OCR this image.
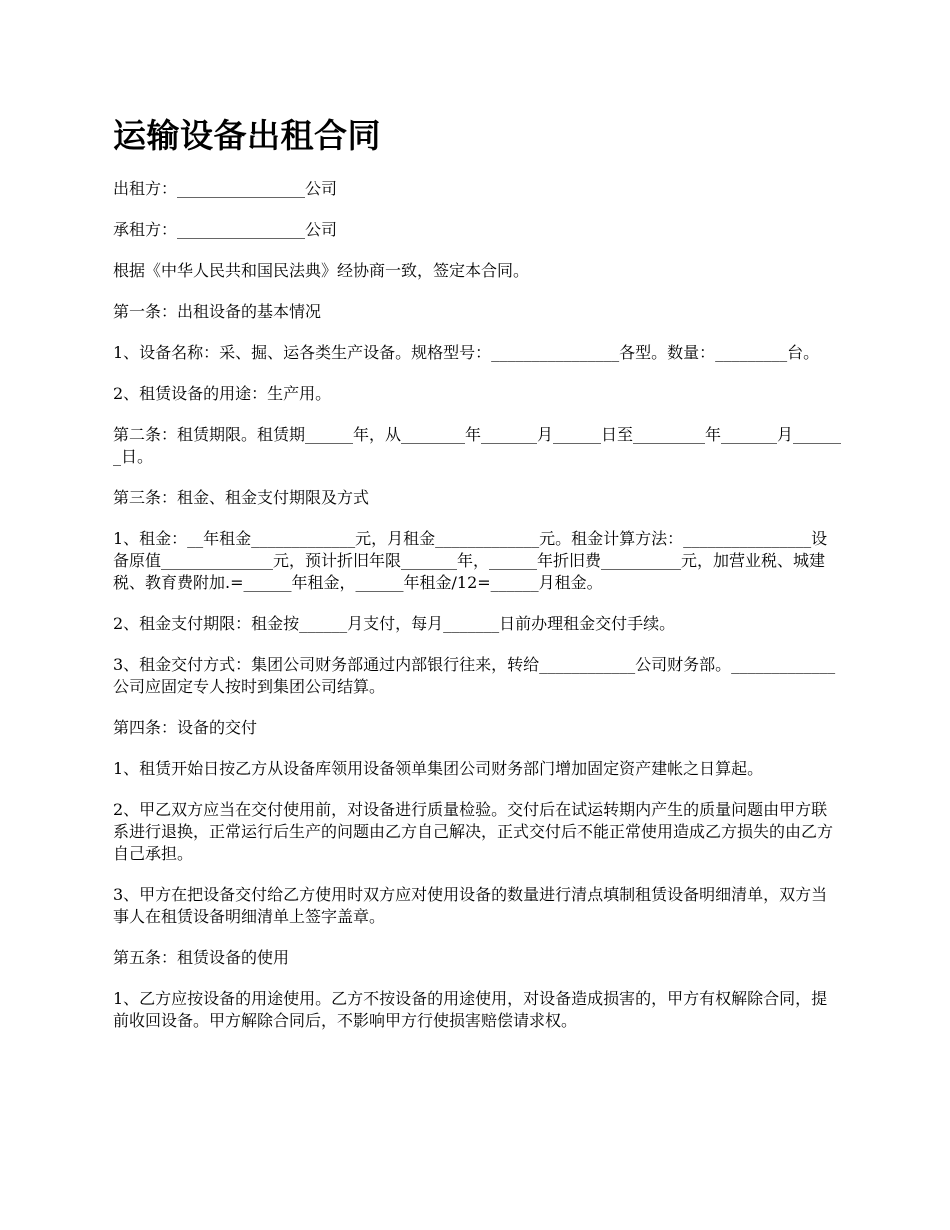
运输设备出租合同

出租方：________________公司

承租方：________________公司

根据《中华人民共和国民法典》经协商一致，签定本合同。

第一条：出租设备的基本情况

1、设备名称：采、掘、运各类生产设备。规格型号：________________各型。数量：_________台。

2、租赁设备的用途：生产用。

第二条：租赁期限。租赁期______年，从________年_______月______日至_________年_______月_______日。

第三条：租金、租金支付期限及方式

1、租金：__年租金_____________元，月租金_____________元。租金计算方法：________________设备原值______________元，预计折旧年限_______年，______年折旧费__________元，加营业税、城建税、教育费附加.=______年租金，______年租金/12=______月租金。

2、租金支付期限：租金按______月支付，每月_______日前办理租金交付手续。

3、租金交付方式：集团公司财务部通过内部银行往来，转给____________公司财务部。_____________公司应固定专人按时到集团公司结算。

第四条：设备的交付

1、租赁开始日按乙方从设备库领用设备领单集团公司财务部门增加固定资产建帐之日算起。

2、甲乙双方应当在交付使用前，对设备进行质量检验。交付后在试运转期内产生的质量问题由甲方联系进行退换，正常运行后生产的问题由乙方自己解决，正式交付后不能正常使用造成乙方损失的由乙方自己承担。

3、甲方在把设备交付给乙方使用时双方应对使用设备的数量进行清点填制租赁设备明细清单，双方当事人在租赁设备明细清单上签字盖章。

第五条：租赁设备的使用

1、乙方应按设备的用途使用。乙方不按设备的用途使用，对设备造成损害的，甲方有权解除合同，提前收回设备。甲方解除合同后，不影响甲方行使损害赔偿请求权。
